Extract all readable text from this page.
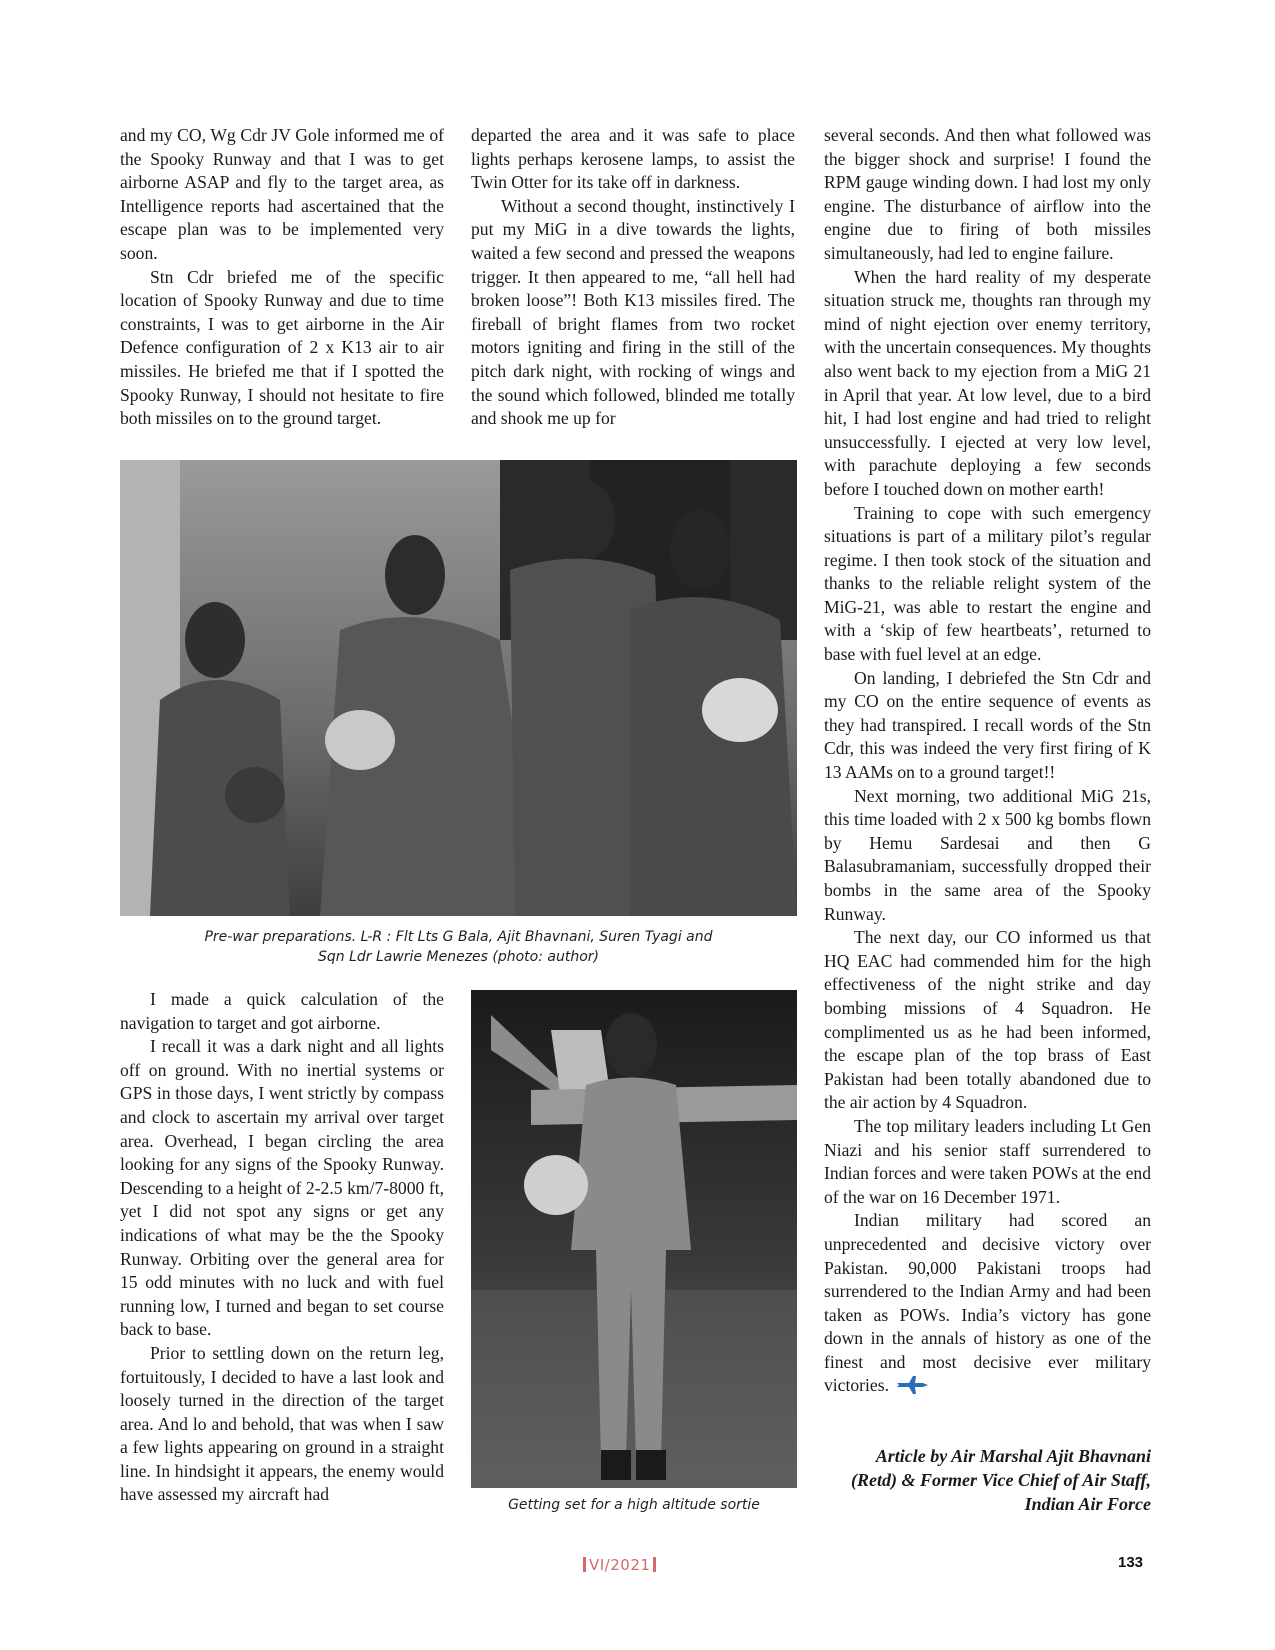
and my CO, Wg Cdr JV Gole informed me of the Spooky Runway and that I was to get airborne ASAP and fly to the target area, as Intelligence reports had ascertained that the escape plan was to be implemented very soon.

Stn Cdr briefed me of the specific location of Spooky Runway and due to time constraints, I was to get airborne in the Air Defence configuration of 2 x K13 air to air missiles. He briefed me that if I spotted the Spooky Runway, I should not hesitate to fire both missiles on to the ground target.

departed the area and it was safe to place lights perhaps kerosene lamps, to assist the Twin Otter for its take off in darkness.

Without a second thought, instinctively I put my MiG in a dive towards the lights, waited a few second and pressed the weapons trigger. It then appeared to me, “all hell had broken loose”! Both K13 missiles fired. The fireball of bright flames from two rocket motors igniting and firing in the still of the pitch dark night, with rocking of wings and the sound which followed, blinded me totally and shook me up for

several seconds. And then what followed was the bigger shock and surprise! I found the RPM gauge winding down. I had lost my only engine. The disturbance of airflow into the engine due to firing of both missiles simultaneously, had led to engine failure.

When the hard reality of my desperate situation struck me, thoughts ran through my mind of night ejection over enemy territory, with the uncertain consequences. My thoughts also went back to my ejection from a MiG 21 in April that year. At low level, due to a bird hit, I had lost engine and had tried to relight unsuccessfully. I ejected at very low level, with parachute deploying a few seconds before I touched down on mother earth!

Training to cope with such emergency situations is part of a military pilot’s regular regime. I then took stock of the situation and thanks to the reliable relight system of the MiG-21, was able to restart the engine and with a ‘skip of few heartbeats’, returned to base with fuel level at an edge.

On landing, I debriefed the Stn Cdr and my CO on the entire sequence of events as they had transpired. I recall words of the Stn Cdr, this was indeed the very first firing of K 13 AAMs on to a ground target!!

Next morning, two additional MiG 21s, this time loaded with 2 x 500 kg bombs flown by Hemu Sardesai and then G Balasubramaniam, successfully dropped their bombs in the same area of the Spooky Runway.

The next day, our CO informed us that HQ EAC had commended him for the high effectiveness of the night strike and day bombing missions of 4 Squadron. He complimented us as he had been informed, the escape plan of the top brass of East Pakistan had been totally abandoned due to the air action by 4 Squadron.

The top military leaders including Lt Gen Niazi and his senior staff surrendered to Indian forces and were taken POWs at the end of the war on 16 December 1971.

Indian military had scored an unprecedented and decisive victory over Pakistan. 90,000 Pakistani troops had surrendered to the Indian Army and had been taken as POWs. India’s victory has gone down in the annals of history as one of the finest and most decisive ever military victories.

Pre-war preparations. L-R : Flt Lts G Bala, Ajit Bhavnani, Suren Tyagi and
Sqn Ldr Lawrie Menezes (photo: author)

I made a quick calculation of the navigation to target and got airborne.

I recall it was a dark night and all lights off on ground. With no inertial systems or GPS in those days, I went strictly by compass and clock to ascertain my arrival over target area. Overhead, I began circling the area looking for any signs of the Spooky Runway. Descending to a height of 2-2.5 km/7-8000 ft, yet I did not spot any signs or get any indications of what may be the the Spooky Runway. Orbiting over the general area for 15 odd minutes with no luck and with fuel running low, I turned and began to set course back to base.

Prior to settling down on the return leg, fortuitously, I decided to have a last look and loosely turned in the direction of the target area. And lo and behold, that was when I saw a few lights appearing on ground in a straight line. In hindsight it appears, the enemy would have assessed my aircraft had

Getting set for a high altitude sortie
Article by Air Marshal Ajit Bhavnani
(Retd) & Former Vice Chief of Air Staff,
Indian Air Force
VI/2021	133
